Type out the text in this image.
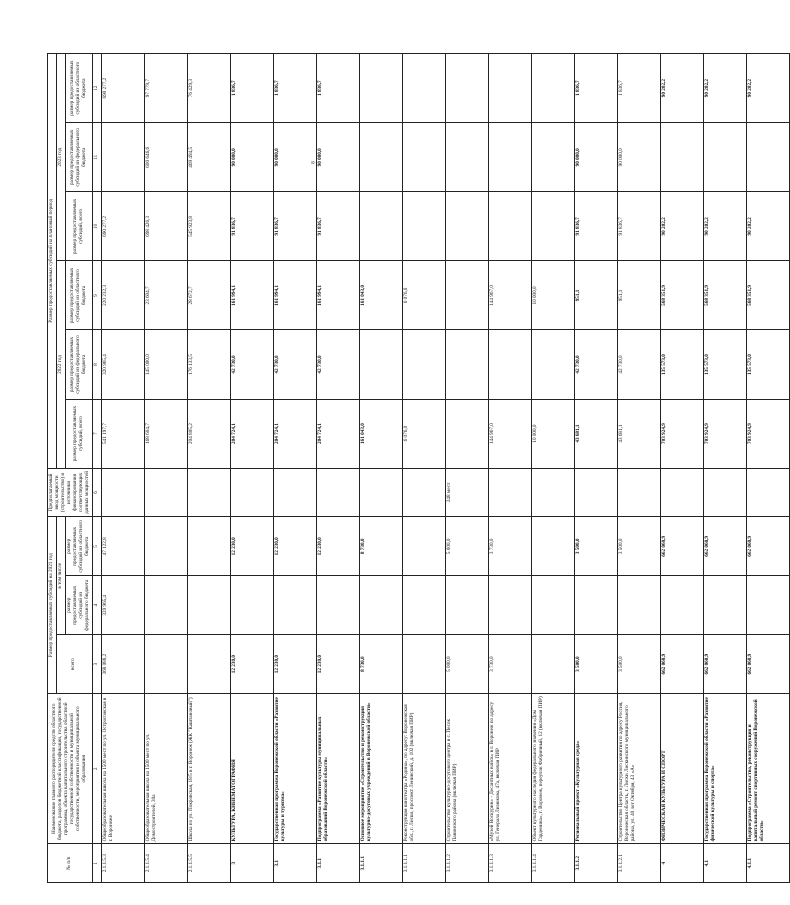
8
№ п/п	Наименование главного распорядителя средств областного бюджета, разделов бюджетной классификации, государственной программы, объекта капитального строительства областной государственной собственности и муниципальной собственности, мероприятия и объекта муниципального образования	Размер предоставляемых субсидий на 2021 год			Предполагаемый ввод мощности (строительство) и источники финансирования соответствующих данных мощностей	Размер предоставляемых субсидий на плановый период					
		всего	в том числе			2022 год			2023 год		
			размер предоставляемых субсидий из федерального бюджета	размер предоставляемых субсидий из областного бюджета		размер предоставляемых субсидий, всего	размер предоставляемых субсидий из федерального бюджета	размер предоставляемых субсидий из областного бюджета	размер предоставляемых субсидий, всего	размер предоставляемых субсидий из федерального бюджета	размер предоставляемых субсидий из областного бюджета
1	2	3	4	5	6	7	8	9	10	11	12
2.1.1.5.3	Общеобразовательная школа на 1500 мест по ул. Острогожская в г. Воронеже	368 088,2	320 965,4	47 122,8		541 197,7	320 965,4	220 232,3	690 277,2		690 277,2
2.1.1.5.4	Общеобразовательная школа на 1500 мест по ул. Домостроителей, 30а					168 604,7	145 000,0	23 604,7	698 426,3	600 646,6	97 779,7
2.1.1.5.5	Школа по ул. Покровская, 18/5 в г. Воронеж (ЖК "Каштановый")					204 805,2	176 133,5	28 672,7	545 923,8	469 494,5	76 429,3
3	КУЛЬТУРА, КИНЕМАТОГРАФИЯ	12 230,0		12 230,0		204 724,1	42 730,0	161 994,1	91 836,7	90 000,0	1 836,7
3.1	Государственная программа Воронежской области «Развитие культуры и туризма»	12 230,0		12 230,0		204 724,1	42 730,0	161 994,1	91 836,7	90 000,0	1 836,7
3.1.1	Подпрограмма «Развитие культуры муниципальных образований Воронежской области»	12 230,0		12 230,0		204 724,1	42 730,0	161 994,1	91 836,7	90 000,0	1 836,7
3.1.1.1	Основное мероприятие «Строительство и реконструкция культурно-досуговых учреждений в Воронежской области»	8 730,0		8 730,0		161 043,0		161 043,0			
3.1.1.1.1	Реконструкция кинотеатра «Родина», по адресу: Воронежская обл., г. Лиски, проспект Ленинский, д. 102 (включая ПИР)					6 076,0		6 076,0			
3.1.1.1.2	Строительство культурно-досугового центра в с. Песок Панинского района (включая ПИР)	5 000,0		5 000,0	248 мест						
3.1.1.1.3	«Музей Воскурин» - Десантных войск» в г. Воронеж по адресу ул. Генерала Лизюкова, 47а, включая ПИР	3 730,0		3 730,0		144 967,0		144 967,0			
3.1.1.1.4	Объект культурного наследия федерального значения «Дом Гарденина», г. Воронеж, переулок Фабричный, 12 (включая ПИР)					10 000,0		10 000,0			
3.1.1.2	Региональный проект «Культурная среда»	3 500,0		3 500,0		43 681,1	42 730,0	951,1	91 836,7	90 000,0	1 836,7
3.1.1.2.1	Строительство Центра культурного развития по адресу Россия, Воронежская область, г. Лиски Лискинского муниципального района, ул. 40 лет Октября, 43 «А»	3 500,0		3 500,0		43 681,1	42 730,0	951,1	91 836,7	90 000,0	1 836,7
4	ФИЗИЧЕСКАЯ КУЛЬТУРА И СПОРТ	662 060,9		662 060,9		703 924,9	135 573,0	568 351,9	90 202,2		90 202,2
4.1	Государственная программа Воронежской области «Развитие физической культуры и спорта»	662 060,9		662 060,9		703 924,9	135 573,0	568 351,9	90 202,2		90 202,2
4.1.1	Подпрограмма «Строительство, реконструкция и капитальный ремонт спортивных сооружений Воронежской области»	662 060,9		662 060,9		703 924,9	135 573,0	568 351,9	90 202,2		90 202,2
